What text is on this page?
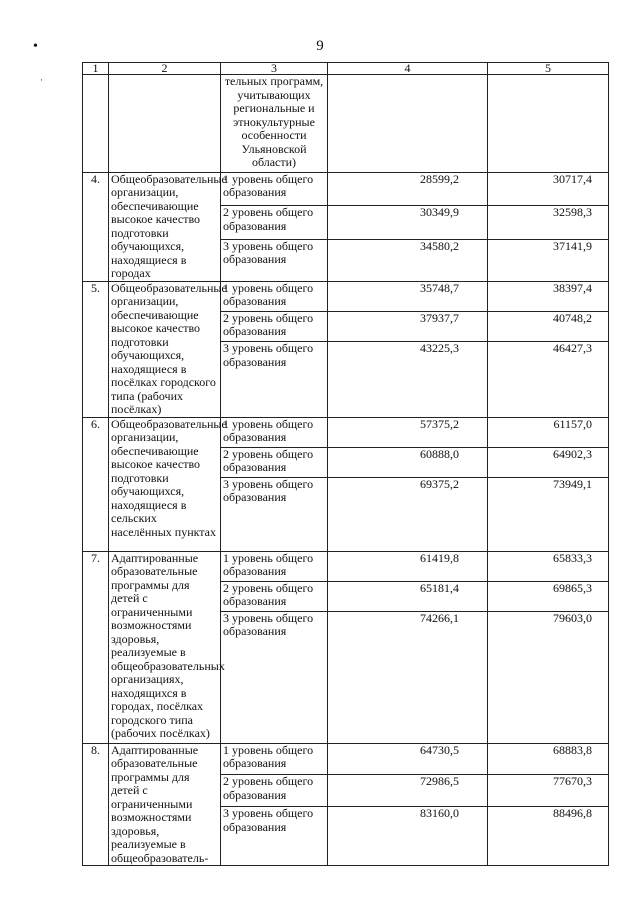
9
•
·
1	2	3	4	5
		тельных программ, учитывающих региональные и этнокультурные особенности Ульяновской области)		
4.	Общеобразовательные организации, обеспечивающие высокое качество подготовки обучающихся, находящиеся в городах	1 уровень общего образования	28599,2	30717,4
		2 уровень общего образования	30349,9	32598,3
		3 уровень общего образования	34580,2	37141,9
5.	Общеобразовательные организации, обеспечивающие высокое качество подготовки обучающихся, находящиеся в посёлках городского типа (рабочих посёлках)	1 уровень общего образования	35748,7	38397,4
		2 уровень общего образования	37937,7	40748,2
		3 уровень общего образования	43225,3	46427,3
6.	Общеобразовательные организации, обеспечивающие высокое качество подготовки обучающихся, находящиеся в сельских населённых пунктах	1 уровень общего образования	57375,2	61157,0
		2 уровень общего образования	60888,0	64902,3
		3 уровень общего образования	69375,2	73949,1
7.	Адаптированные образовательные программы для детей с ограниченными возможностями здоровья, реализуемые в общеобразовательных организациях, находящихся в городах, посёлках городского типа (рабочих посёлках)	1 уровень общего образования	61419,8	65833,3
		2 уровень общего образования	65181,4	69865,3
		3 уровень общего образования	74266,1	79603,0
8.	Адаптированные образовательные программы для детей с ограниченными возможностями здоровья, реализуемые в общеобразователь-	1 уровень общего образования	64730,5	68883,8
		2 уровень общего образования	72986,5	77670,3
		3 уровень общего образования	83160,0	88496,8
